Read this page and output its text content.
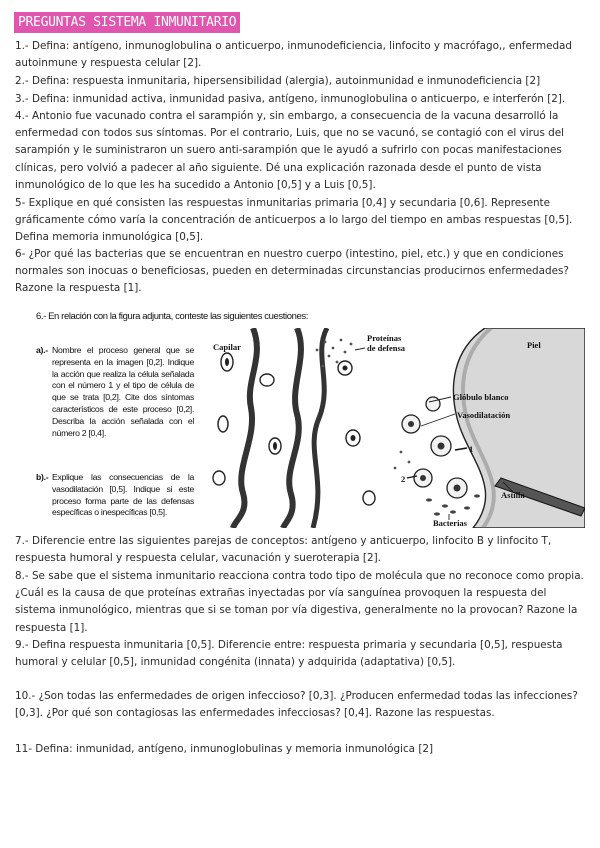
PREGUNTAS SISTEMA INMUNITARIO

1.- Defina: antígeno, inmunoglobulina o anticuerpo, inmunodeficiencia, linfocito y macrófago,, enfermedad autoinmune y respuesta celular [2].

2.- Defina: respuesta inmunitaria, hipersensibilidad (alergia), autoinmunidad e inmunodeficiencia [2]

3.- Defina: inmunidad activa, inmunidad pasiva, antígeno, inmunoglobulina o anticuerpo, e interferón [2].

4.- Antonio fue vacunado contra el sarampión y, sin embargo, a consecuencia de la vacuna desarrolló la enfermedad con todos sus síntomas. Por el contrario, Luis, que no se vacunó, se contagió con el virus del sarampión y le suministraron un suero anti-sarampión que le ayudó a sufrirlo con pocas manifestaciones clínicas, pero volvió a padecer al año siguiente. Dé una explicación razonada desde el punto de vista inmunológico de lo que les ha sucedido a Antonio [0,5] y a Luis [0,5].

5- Explique en qué consisten las respuestas inmunitarias primaria [0,4] y secundaria [0,6]. Represente gráficamente cómo varía la concentración de anticuerpos a lo largo del tiempo en ambas respuestas [0,5]. Defina memoria inmunológica [0,5].

6- ¿Por qué las bacterias que se encuentran en nuestro cuerpo (intestino, piel, etc.) y que en condiciones normales son inocuas o beneficiosas, pueden en determinadas circunstancias producirnos enfermedades? Razone la respuesta [1].

6.- En relación con la figura adjunta, conteste las siguientes cuestiones:
a).- Nombre el proceso general que se representa en la imagen [0,2]. Indique la acción que realiza la célula señalada con el número 1 y el tipo de célula de que se trata [0,2]. Cite dos síntomas característicos de este proceso [0,2]. Describa la acción señalada con el número 2 [0,4].
b).- Explique las consecuencias de la vasodilatación [0,5]. Indique si este proceso forma parte de las defensas específicas o inespecíficas [0,5].
Capilar
Proteínas
de defensa	Piel
Glóbulo blanco
Vasodilatación
1
2
Astilla
Bacterias

7.- Diferencie entre las siguientes parejas de conceptos: antígeno y anticuerpo, linfocito B y linfocito T, respuesta humoral y respuesta celular, vacunación y sueroterapia [2].

8.- Se sabe que el sistema inmunitario reacciona contra todo tipo de molécula que no reconoce como propia. ¿Cuál es la causa de que proteínas extrañas inyectadas por vía sanguínea provoquen la respuesta del sistema inmunológico, mientras que si se toman por vía digestiva, generalmente no la provocan? Razone la respuesta [1].

9.- Defina respuesta inmunitaria [0,5]. Diferencie entre: respuesta primaria y secundaria [0,5], respuesta humoral y celular [0,5], inmunidad congénita (innata) y adquirida (adaptativa) [0,5].

10.- ¿Son todas las enfermedades de origen infeccioso? [0,3]. ¿Producen enfermedad todas las infecciones? [0,3]. ¿Por qué son contagiosas las enfermedades infecciosas? [0,4]. Razone las respuestas.

11- Defina: inmunidad, antígeno, inmunoglobulinas y memoria inmunológica [2]
